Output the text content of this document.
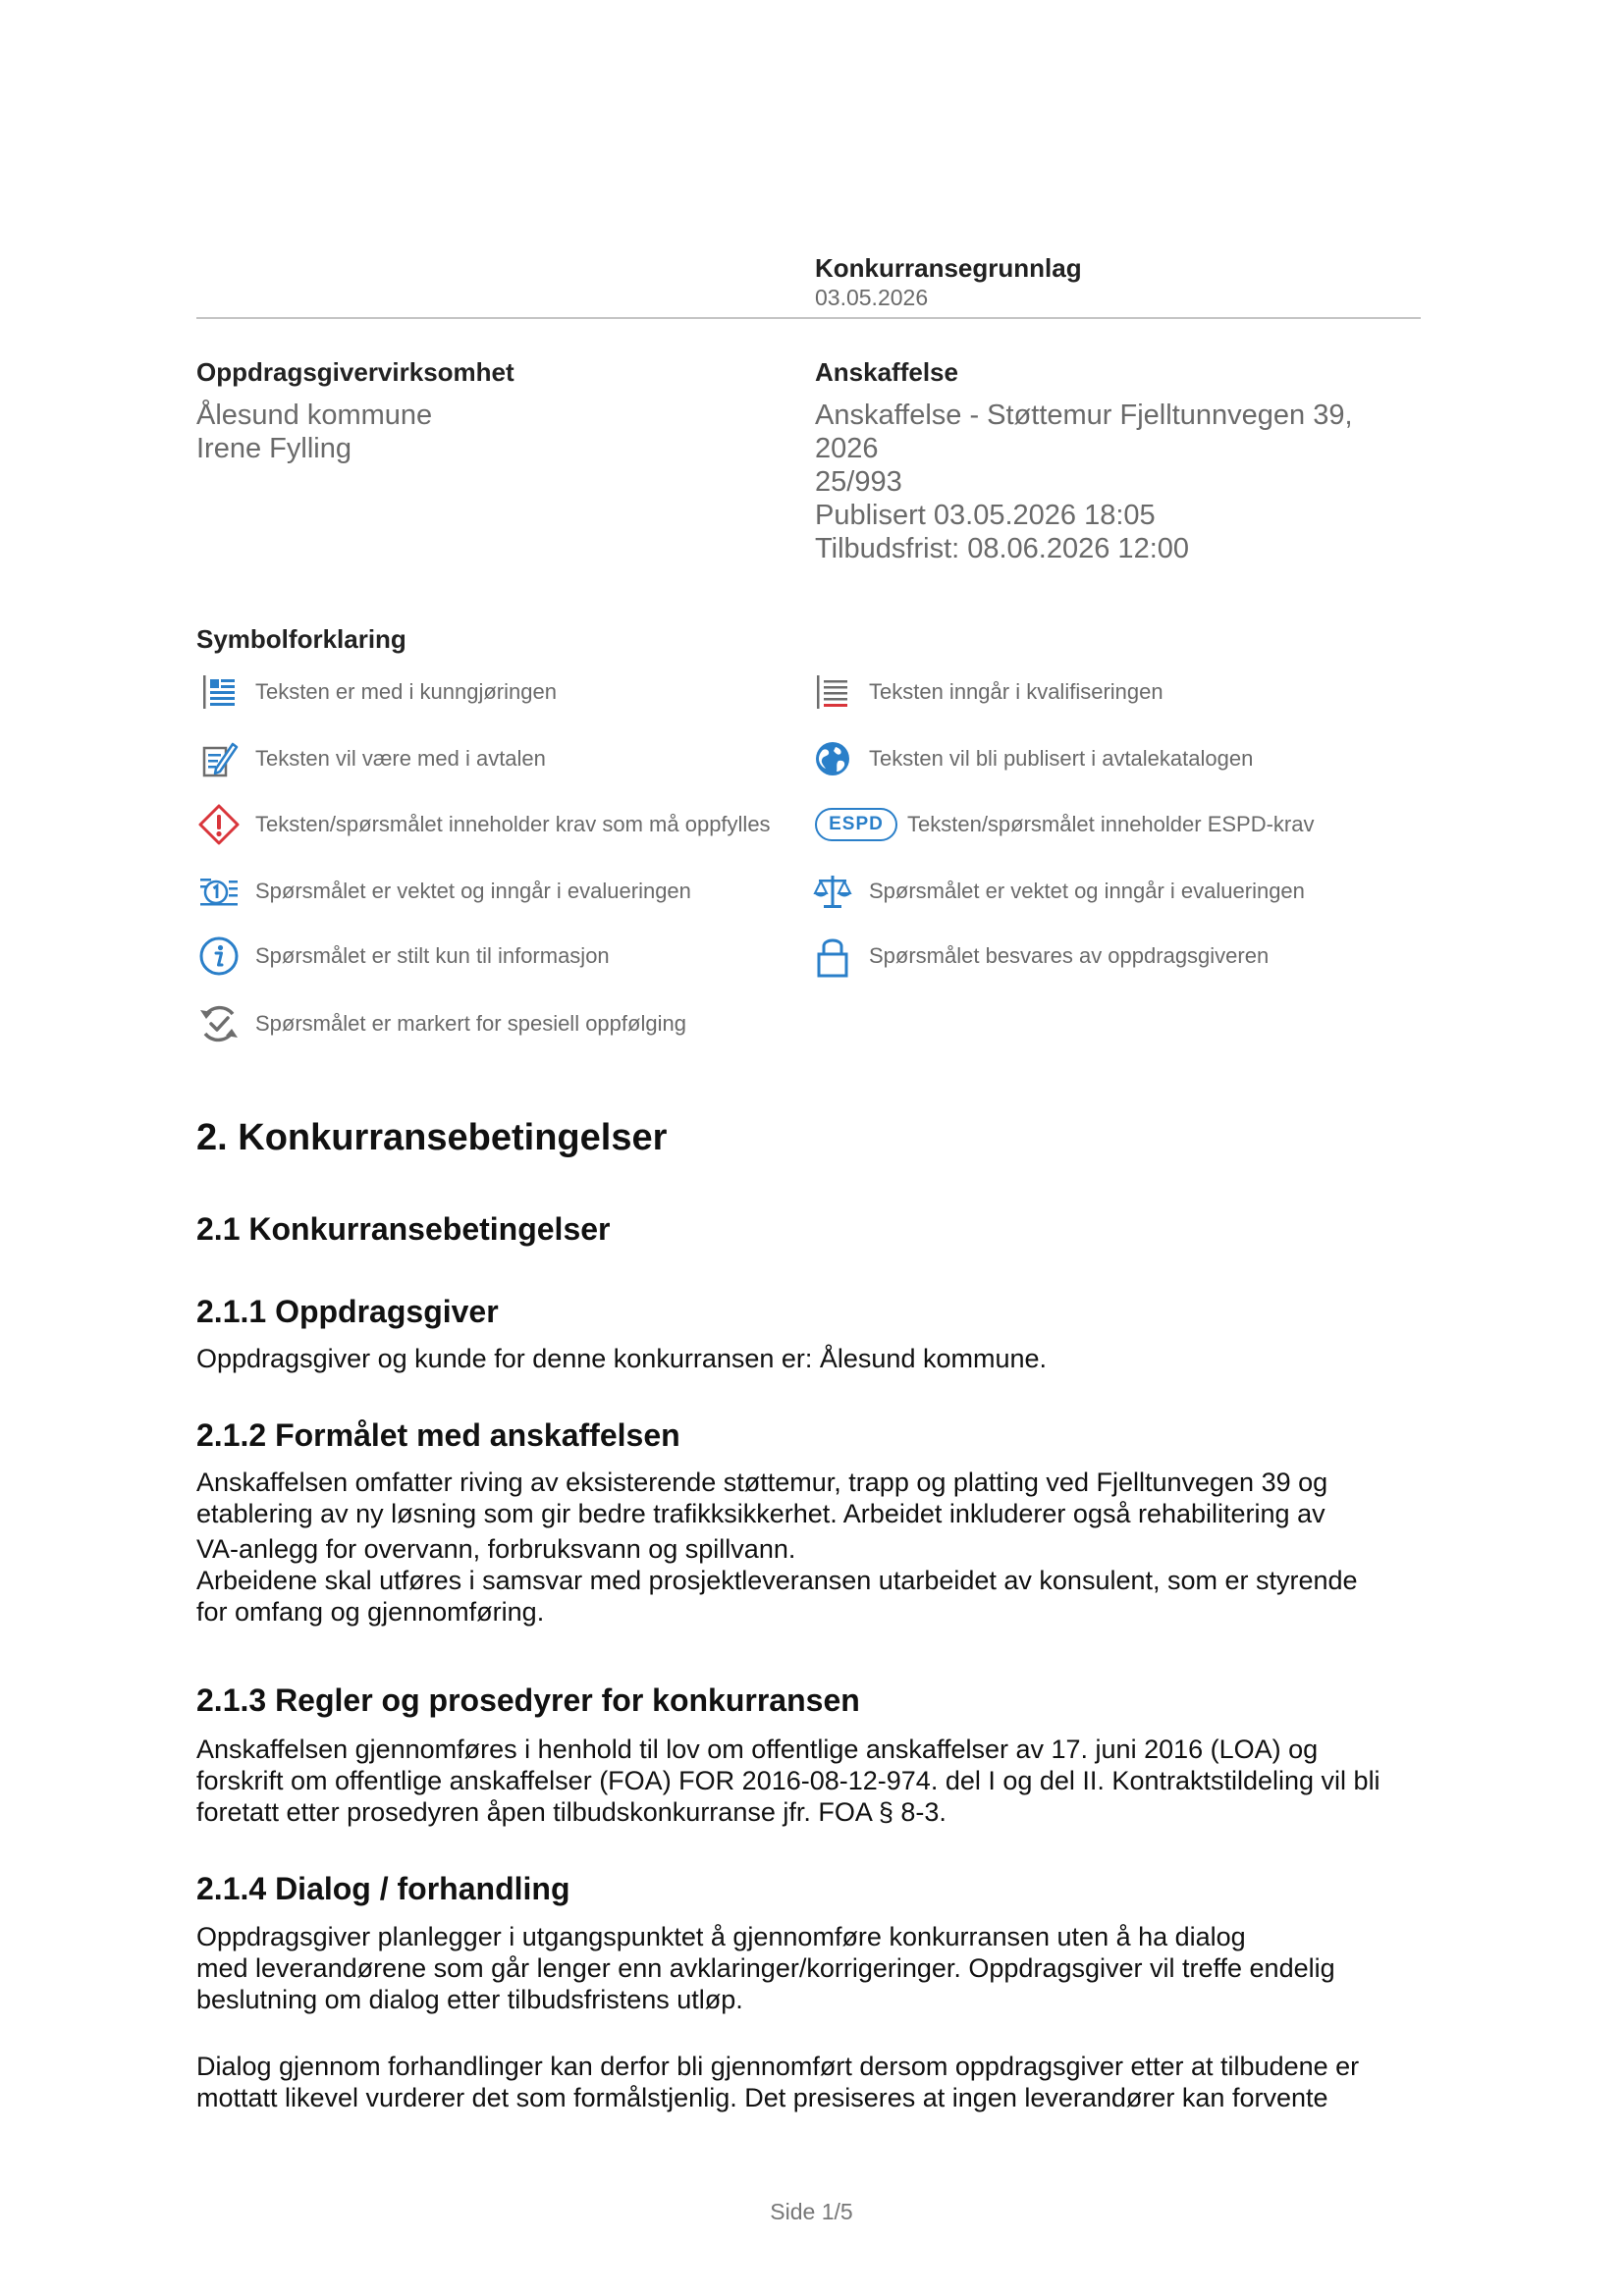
Konkurransegrunnlag
03.05.2026
Oppdragsgivervirksomhet
Ålesund kommune
Irene Fylling
Anskaffelse
Anskaffelse - Støttemur Fjelltunnvegen 39,
2026
25/993
Publisert 03.05.2026 18:05
Tilbudsfrist: 08.06.2026 12:00
Symbolforklaring
Teksten er med i kunngjøringen	Teksten inngår i kvalifiseringen
Teksten vil være med i avtalen	Teksten vil bli publisert i avtalekatalogen
Teksten/spørsmålet inneholder krav som må oppfylles	ESPD	Teksten/spørsmålet inneholder ESPD-krav
Spørsmålet er vektet og inngår i evalueringen	Spørsmålet er vektet og inngår i evalueringen
Spørsmålet er stilt kun til informasjon	Spørsmålet besvares av oppdragsgiveren
Spørsmålet er markert for spesiell oppfølging
2. Konkurransebetingelser
2.1 Konkurransebetingelser
2.1.1 Oppdragsgiver
Oppdragsgiver og kunde for denne konkurransen er: Ålesund kommune.
2.1.2 Formålet med anskaffelsen
Anskaffelsen omfatter riving av eksisterende støttemur, trapp og platting ved Fjelltunvegen 39 og
etablering av ny løsning som gir bedre trafikksikkerhet. Arbeidet inkluderer også rehabilitering av
VA-anlegg for overvann, forbruksvann og spillvann.
Arbeidene skal utføres i samsvar med prosjektleveransen utarbeidet av konsulent, som er styrende
for omfang og gjennomføring.
2.1.3 Regler og prosedyrer for konkurransen
Anskaffelsen gjennomføres i henhold til lov om offentlige anskaffelser av 17. juni 2016 (LOA) og
forskrift om offentlige anskaffelser (FOA) FOR 2016-08-12-974. del I og del II. Kontraktstildeling vil bli
foretatt etter prosedyren åpen tilbudskonkurranse jfr. FOA § 8-3.
2.1.4 Dialog / forhandling
Oppdragsgiver planlegger i utgangspunktet å gjennomføre konkurransen uten å ha dialog
med leverandørene som går lenger enn avklaringer/korrigeringer. Oppdragsgiver vil treffe endelig
beslutning om dialog etter tilbudsfristens utløp.
Dialog gjennom forhandlinger kan derfor bli gjennomført dersom oppdragsgiver etter at tilbudene er
mottatt likevel vurderer det som formålstjenlig. Det presiseres at ingen leverandører kan forvente
Side 1/5
